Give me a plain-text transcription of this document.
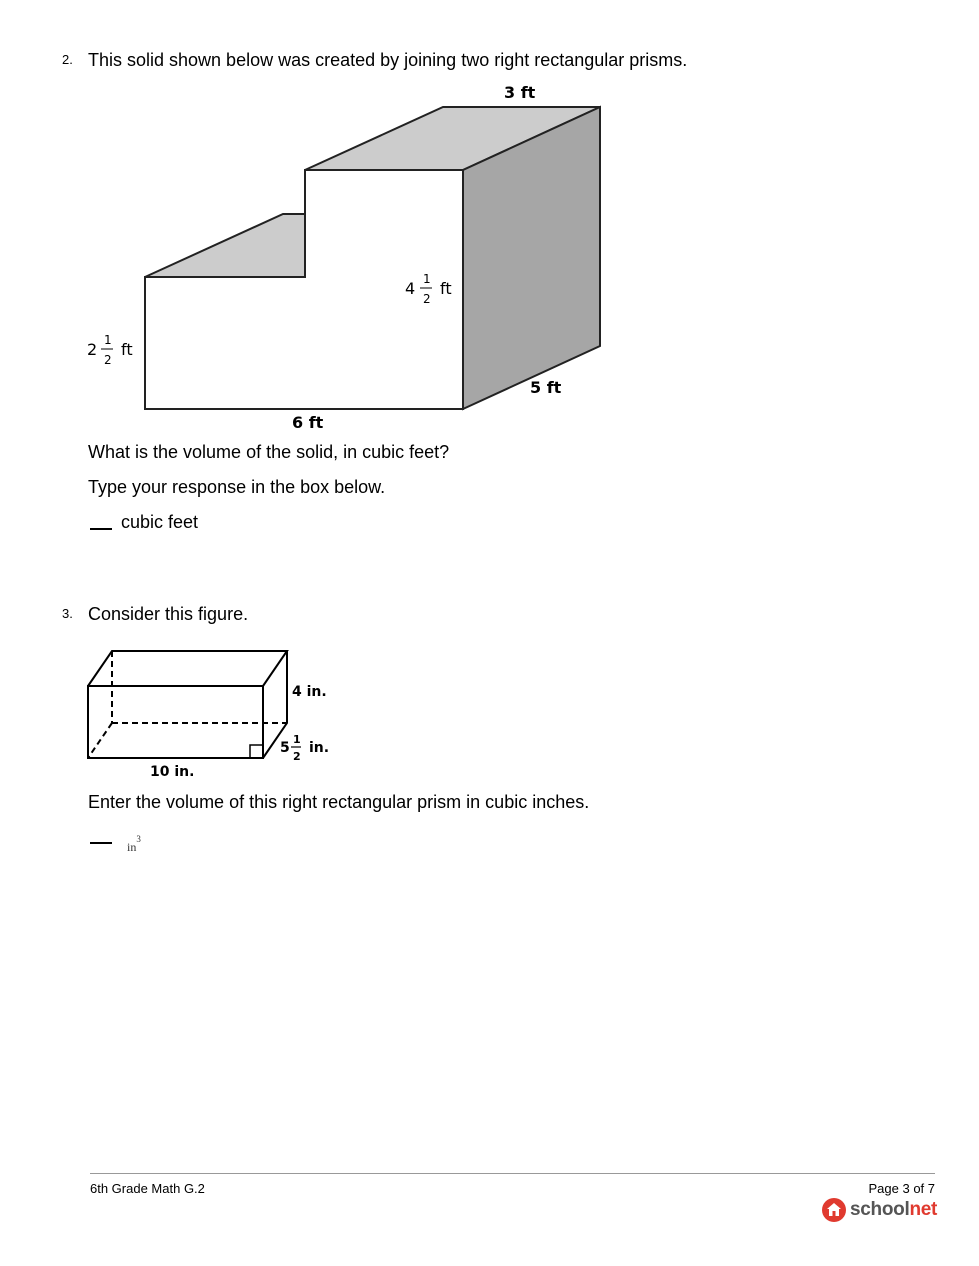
2. This solid shown below was created by joining two right rectangular prisms.
3 ft
4 1
2
ft
2 1
2
ft
5 ft
6 ft
What is the volume of the solid, in cubic feet?
Type your response in the box below.
cubic feet
3. Consider this figure.
4 in.
5
1
2
in.
10 in.
Enter the volume of this right rectangular prism in cubic inches.
$in^3$
6th Grade Math G.2	Page 3 of 7
schoolnet
